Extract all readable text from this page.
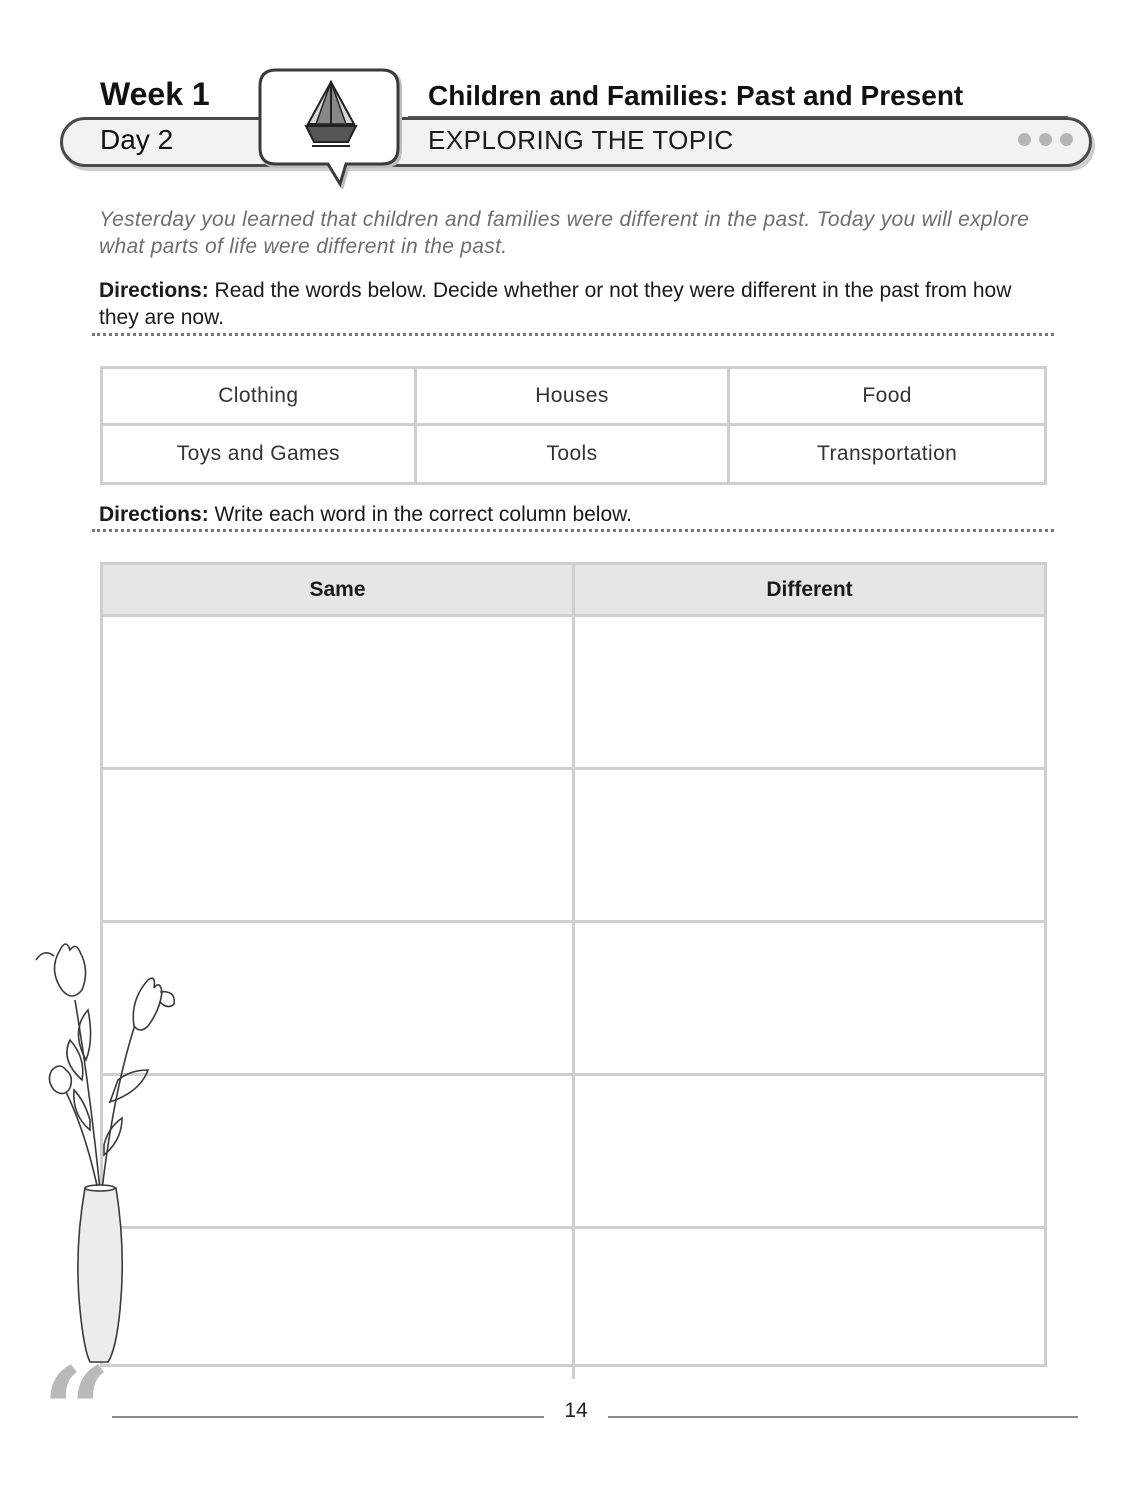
Week 1
Day 2
Children and Families: Past and Present
EXPLORING THE TOPIC
Yesterday you learned that children and families were different in the past. Today you will explore what parts of life were different in the past.
Directions: Read the words below. Decide whether or not they were different in the past from how they are now.
Clothing	Houses	Food
Toys and Games	Tools	Transportation
Directions: Write each word in the correct column below.
Same	Different
“	14
